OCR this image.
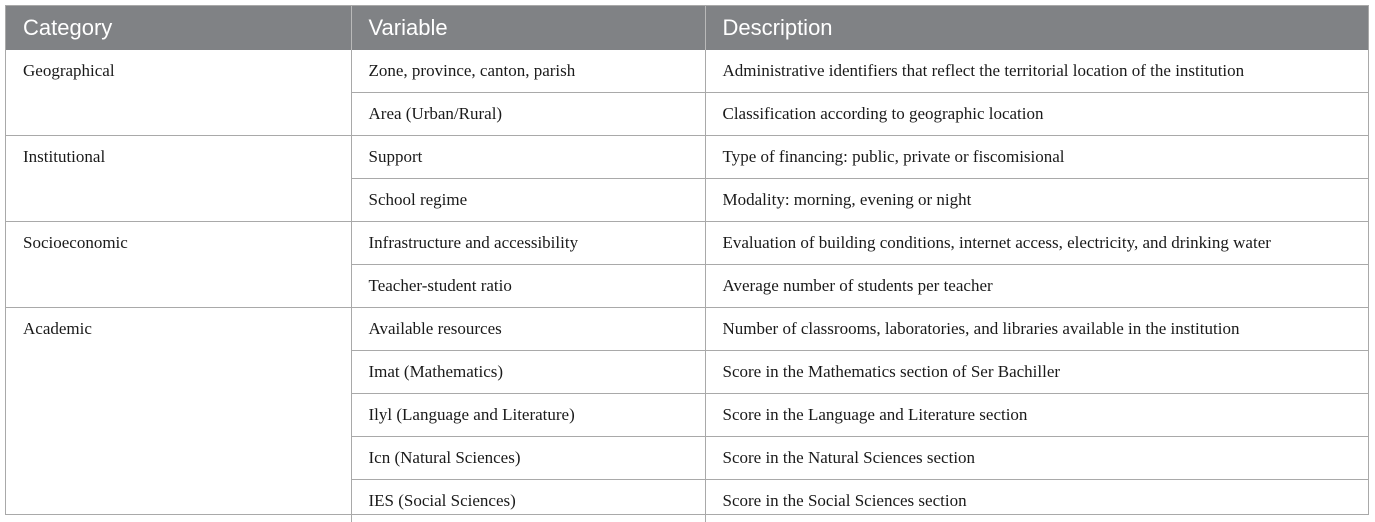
Category	Variable	Description
Geographical	Zone, province, canton, parish	Administrative identifiers that reflect the territorial location of the institution
	Area (Urban/Rural)	Classification according to geographic location
Institutional	Support	Type of financing: public, private or fiscomisional
	School regime	Modality: morning, evening or night
Socioeconomic	Infrastructure and accessibility	Evaluation of building conditions, internet access, electricity, and drinking water
	Teacher-student ratio	Average number of students per teacher
Academic	Available resources	Number of classrooms, laboratories, and libraries available in the institution
	Imat (Mathematics)	Score in the Mathematics section of Ser Bachiller
	Ilyl (Language and Literature)	Score in the Language and Literature section
	Icn (Natural Sciences)	Score in the Natural Sciences section
	IES (Social Sciences)	Score in the Social Sciences section
